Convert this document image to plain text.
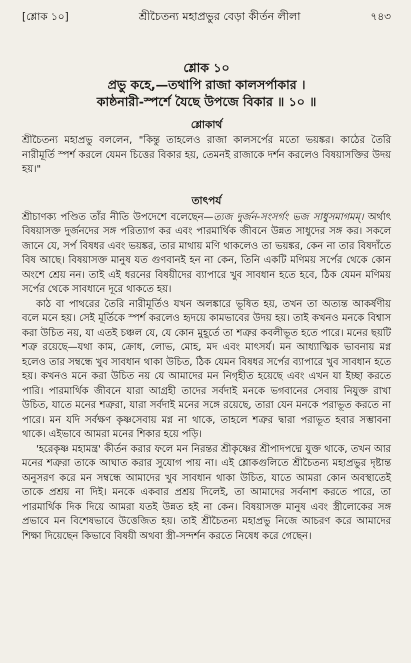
[শ্লোক ১০]	শ্রীচৈতন্য মহাপ্রভুর বেড়া কীর্তন লীলা	৭৪৩
শ্লোক ১০
প্রভু কহে,—তথাপি রাজা কালসর্পাকার ।
কাষ্ঠনারী-স্পর্শে যৈছে উপজে বিকার ॥ ১০ ॥
শ্লোকার্থ
শ্রীচৈতন্য মহাপ্রভু বললেন, "কিন্তু তাহলেও রাজা কালসর্পের মতো ভয়ঙ্কর। কাঠের তৈরি নারীমূর্তি স্পর্শ করলে যেমন চিত্তের বিকার হয়, তেমনই রাজাকে দর্শন করলেও বিষয়াসক্তির উদয় হয়।"
তাৎপর্য

শ্রীচাণক্য পণ্ডিত তাঁর নীতি উপদেশে বলেছেন—ত্যজ দুর্জন-সংসর্গং ভজ সাধুসমাগমম্। অর্থাৎ বিষয়াসক্ত দুর্জনদের সঙ্গ পরিত্যাগ কর এবং পারমার্থিক জীবনে উন্নত সাধুদের সঙ্গ কর। সকলে জানে যে, সর্প বিষধর এবং ভয়ঙ্কর, তার মাথায় মণি থাকলেও তা ভয়ঙ্কর, কেন না তার বিষদাঁতে বিষ আছে। বিষয়াসক্ত মানুষ যত গুণবানই হন না কেন, তিনি একটি মণিময় সর্পের থেকে কোন অংশে শ্রেয় নন। তাই এই ধরনের বিষয়ীদের ব্যাপারে খুব সাবধান হতে হবে, ঠিক যেমন মণিময় সর্পের থেকে সাবধানে দূরে থাকতে হয়।

কাঠ বা পাথরের তৈরি নারীমূর্তিও যখন অলঙ্কারে ভূষিত হয়, তখন তা অত্যন্ত আকর্ষণীয় বলে মনে হয়। সেই মূর্তিকে স্পর্শ করলেও হৃদয়ে কামভাবের উদয় হয়। তাই কখনও মনকে বিশ্বাস করা উচিত নয়, যা এতই চঞ্চল যে, যে কোন মুহূর্তে তা শত্রুর কবলীভূত হতে পারে। মনের ছয়টি শত্রু রয়েছে—যথা কাম, ক্রোধ, লোভ, মোহ, মদ এবং মাৎসর্য। মন আধ্যাত্মিক ভাবনায় মগ্ন হলেও তার সম্বন্ধে খুব সাবধান থাকা উচিত, ঠিক যেমন বিষধর সর্পের ব্যাপারে খুব সাবধান হতে হয়। কখনও মনে করা উচিত নয় যে আমাদের মন নিগৃহীত হয়েছে এবং এখন যা ইচ্ছা করতে পারি। পারমার্থিক জীবনে যারা আগ্রহী তাদের সর্বদাই মনকে ভগবানের সেবায় নিযুক্ত রাখা উচিত, যাতে মনের শত্রুরা, যারা সর্বদাই মনের সঙ্গে রয়েছে, তারা যেন মনকে পরাভূত করতে না পারে। মন যদি সর্বক্ষণ কৃষ্ণসেবায় মগ্ন না থাকে, তাহলে শত্রুর দ্বারা পরাভূত হবার সম্ভাবনা থাকে। এইভাবে আমরা মনের শিকার হয়ে পড়ি।

'হরেকৃষ্ণ মহামন্ত্র' কীর্তন করার ফলে মন নিরন্তর শ্রীকৃষ্ণের শ্রীপাদপদ্মে যুক্ত থাকে, তখন আর মনের শত্রুরা তাকে আঘাত করার সুযোগ পায় না। এই শ্লোকগুলিতে শ্রীচৈতন্য মহাপ্রভুর দৃষ্টান্ত অনুসরণ করে মন সম্বন্ধে আমাদের খুব সাবধান থাকা উচিত, যাতে আমরা কোন অবস্থাতেই তাকে প্রশ্রয় না দিই। মনকে একবার প্রশ্রয় দিলেই, তা আমাদের সর্বনাশ করতে পারে, তা পারমার্থিক দিক দিয়ে আমরা যতই উন্নত হই না কেন। বিষয়াসক্ত মানুষ এবং স্ত্রীলোকের সঙ্গ প্রভাবে মন বিশেষভাবে উত্তেজিত হয়। তাই শ্রীচৈতন্য মহাপ্রভু নিজে আচরণ করে আমাদের শিক্ষা দিয়েছেন কিভাবে বিষয়ী অথবা স্ত্রী-সন্দর্শন করতে নিষেধ করে গেছেন।
